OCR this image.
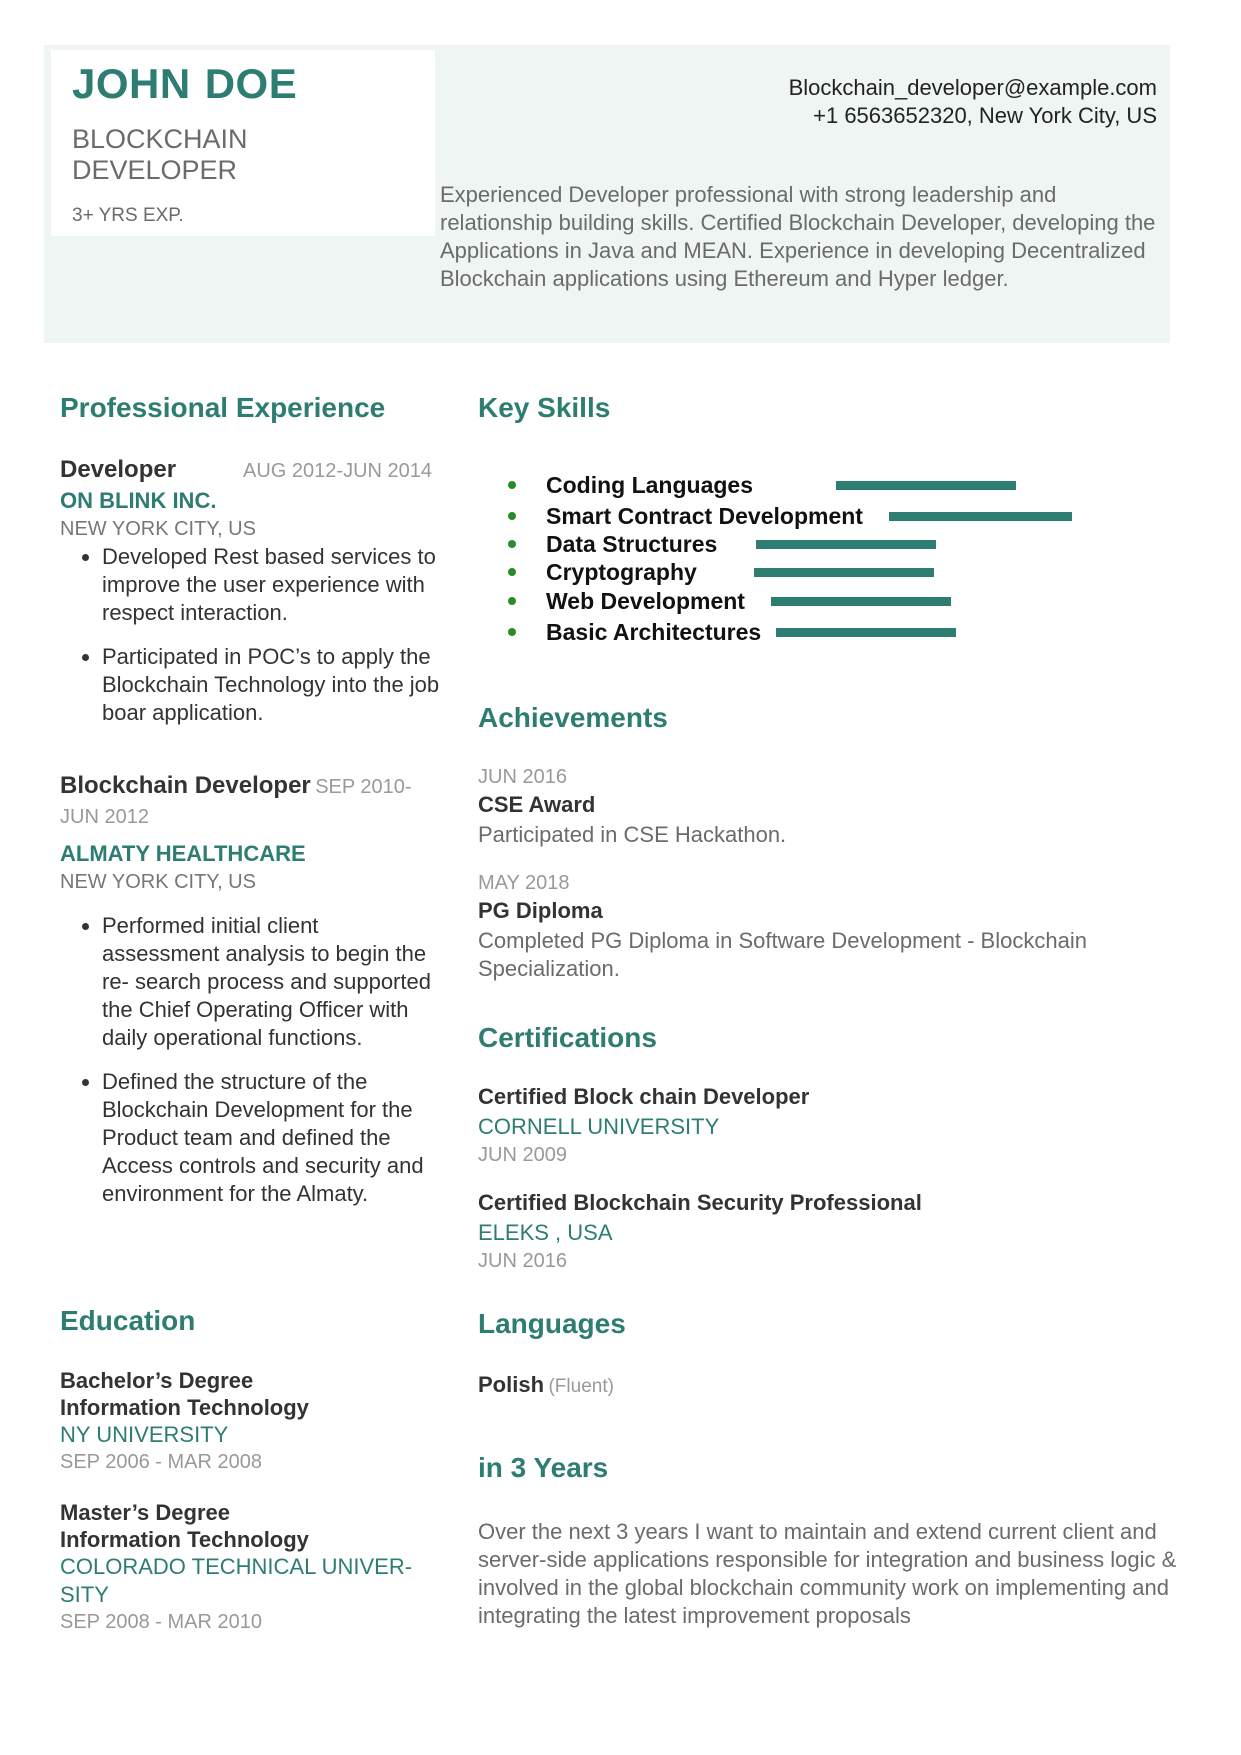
JOHN DOE
BLOCKCHAIN DEVELOPER
3+ YRS EXP.
Blockchain_developer@example.com
+1 6563652320, New York City, US
Experienced Developer professional with strong leadership and relationship building skills. Certified Blockchain Developer, developing the Applications in Java and MEAN. Experience in developing Decentralized Blockchain applications using Ethereum and Hyper ledger.
Professional Experience
Developer	AUG 2012-JUN 2014
ON BLINK INC.
NEW YORK CITY, US
• Developed Rest based services to improve the user experience with respect interaction.
• Participated in POC’s to apply the Blockchain Technology into the job boar application.
Blockchain Developer SEP 2010-JUN 2012
ALMATY HEALTHCARE
NEW YORK CITY, US
• Performed initial client assessment analysis to begin the re- search process and supported the Chief Operating Officer with daily operational functions.
• Defined the structure of the Blockchain Development for the Product team and defined the Access controls and security and environment for the Almaty.
Education
Bachelor’s Degree
Information Technology
NY UNIVERSITY
SEP 2006 - MAR 2008
Master’s Degree
Information Technology
COLORADO TECHNICAL UNIVER- SITY
SEP 2008 - MAR 2010
Key Skills
Coding Languages
Smart Contract Development
Data Structures
Cryptography
Web Development
Basic Architectures
Achievements
JUN 2016
CSE Award
Participated in CSE Hackathon.
MAY 2018
PG Diploma
Completed PG Diploma in Software Development - Blockchain Specialization.
Certifications
Certified Block chain Developer
CORNELL UNIVERSITY
JUN 2009
Certified Blockchain Security Professional
ELEKS , USA
JUN 2016
Languages
Polish (Fluent)
in 3 Years
Over the next 3 years I want to maintain and extend current client and server-side applications responsible for integration and business logic & involved in the global blockchain community work on implementing and integrating the latest improvement proposals
